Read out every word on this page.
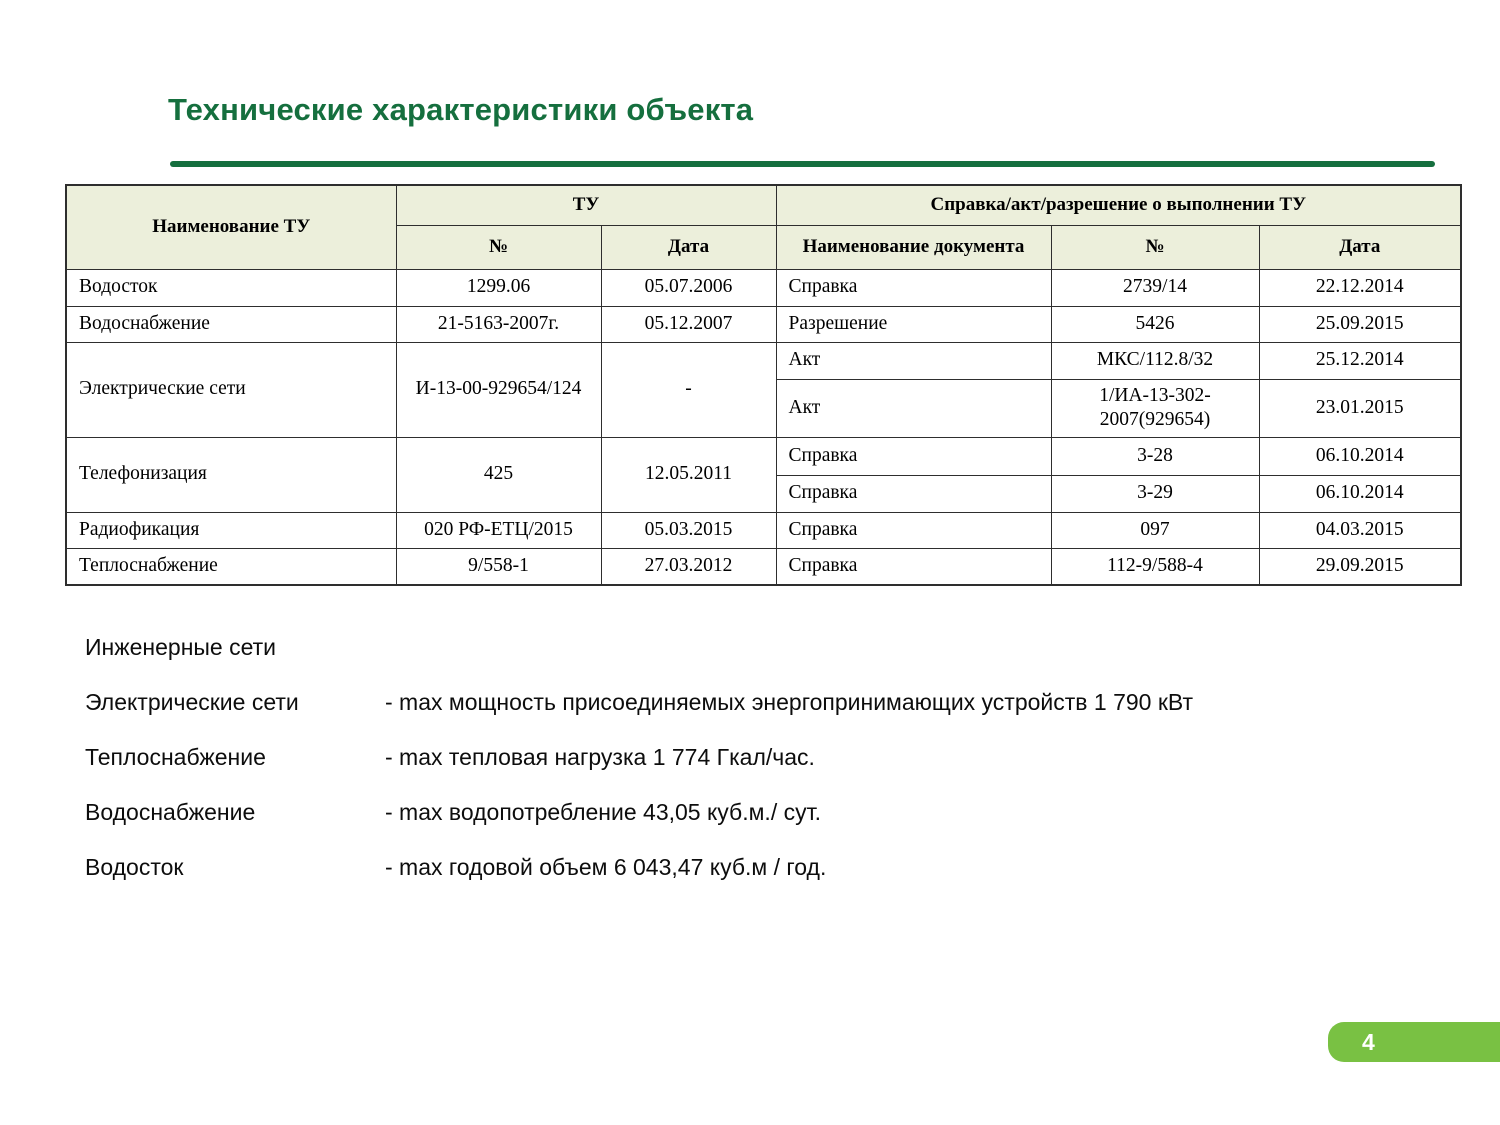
Технические характеристики объекта
Наименование ТУ	ТУ		Справка/акт/разрешение о выполнении ТУ		
	№	Дата	Наименование документа	№	Дата
Водосток	1299.06	05.07.2006	Справка	2739/14	22.12.2014
Водоснабжение	21-5163-2007г.	05.12.2007	Разрешение	5426	25.09.2015
Электрические сети	И-13-00-929654/124	-	Акт	МКС/112.8/32	25.12.2014
			Акт	1/ИА-13-302-2007(929654)	23.01.2015
Телефонизация	425	12.05.2011	Справка	3-28	06.10.2014
			Справка	3-29	06.10.2014
Радиофикация	020 РФ-ЕТЦ/2015	05.03.2015	Справка	097	04.03.2015
Теплоснабжение	9/558-1	27.03.2012	Справка	112-9/588-4	29.09.2015
Инженерные сети
Электрические сети	- max мощность присоединяемых энергопринимающих устройств 1 790 кВт
Теплоснабжение	- max тепловая нагрузка 1 774 Гкал/час.
Водоснабжение	- max водопотребление 43,05 куб.м./ сут.
Водосток	- max годовой объем 6 043,47 куб.м / год.
4
